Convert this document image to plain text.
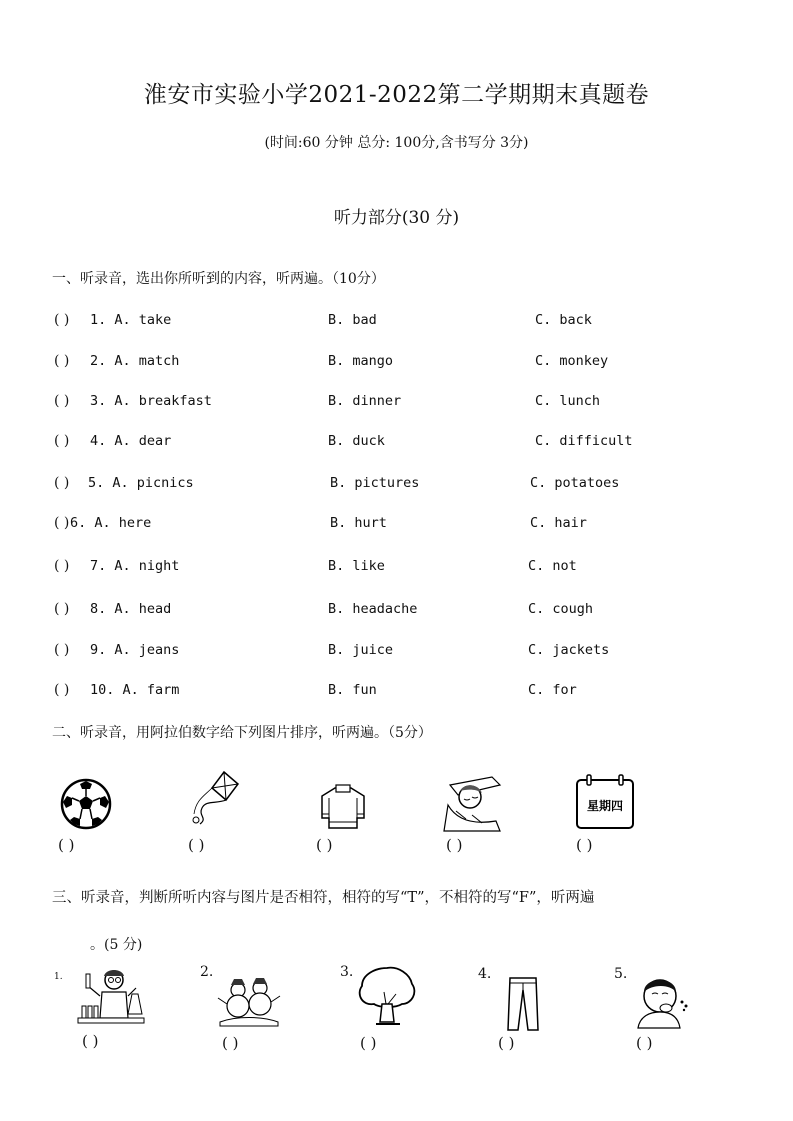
淮安市实验小学2021-2022第二学期期末真题卷
(时间:60 分钟 总分: 100分,含书写分 3分)
听力部分(30 分)
一、听录音，选出你所听到的内容，听两遍。（10分）
( ) 1. A. take	B. bad	C. back
( ) 2. A. match	B. mango	C. monkey
( ) 3. A. breakfast	B. dinner	C. lunch
( ) 4. A. dear	B. duck	C. difficult
( ) 5. A. picnics	B. pictures	C. potatoes
( ) 6. A. here	B. hurt	C. hair
( ) 7. A. night	B. like	C. not
( ) 8. A. head	B. headache	C. cough
( ) 9. A. jeans	B. juice	C. jackets
( ) 10. A. farm	B. fun	C. for
二、听录音，用阿拉伯数字给下列图片排序，听两遍。（5分）
星期四
( )	( )	( )	( )	( )
三、听录音，判断所听内容与图片是否相符，相符的写“T”，不相符的写“F”，听两遍
。(5 分)
1.	2.	3.	4.	5.
( )	( )	( )	( )	( )
